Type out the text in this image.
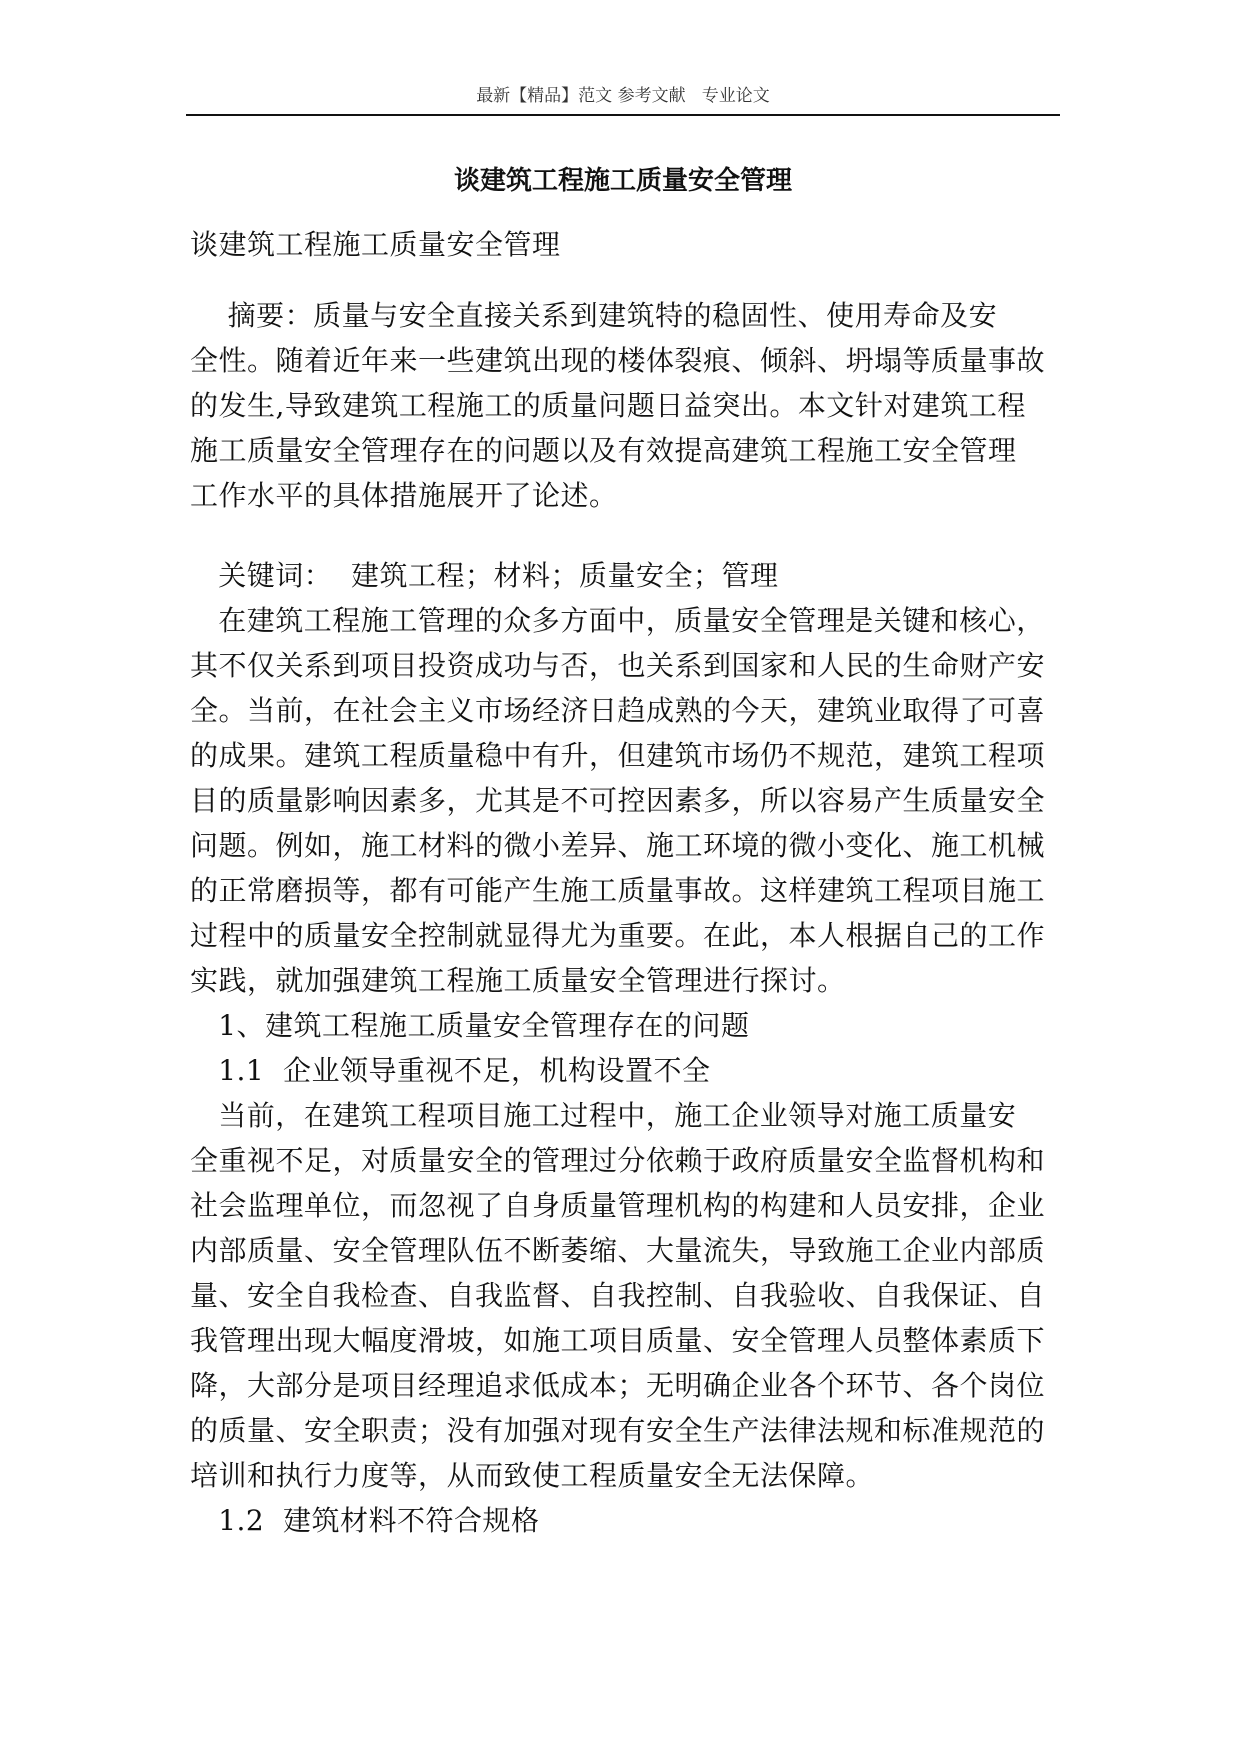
最新【精品】范文 参考文献   专业论文
谈建筑工程施工质量安全管理
谈建筑工程施工质量安全管理
摘要：质量与安全直接关系到建筑特的稳固性、使用寿命及安
全性。随着近年来一些建筑出现的楼体裂痕、倾斜、坍塌等质量事故
的发生,导致建筑工程施工的质量问题日益突出。本文针对建筑工程
施工质量安全管理存在的问题以及有效提高建筑工程施工安全管理
工作水平的具体措施展开了论述。
关键词：  建筑工程；材料；质量安全；管理
在建筑工程施工管理的众多方面中，质量安全管理是关键和核心，
其不仅关系到项目投资成功与否，也关系到国家和人民的生命财产安
全。当前，在社会主义市场经济日趋成熟的今天，建筑业取得了可喜
的成果。建筑工程质量稳中有升，但建筑市场仍不规范，建筑工程项
目的质量影响因素多，尤其是不可控因素多，所以容易产生质量安全
问题。例如，施工材料的微小差异、施工环境的微小变化、施工机械
的正常磨损等，都有可能产生施工质量事故。这样建筑工程项目施工
过程中的质量安全控制就显得尤为重要。在此，本人根据自己的工作
实践，就加强建筑工程施工质量安全管理进行探讨。
1、建筑工程施工质量安全管理存在的问题
1.1  企业领导重视不足，机构设置不全
当前，在建筑工程项目施工过程中，施工企业领导对施工质量安
全重视不足，对质量安全的管理过分依赖于政府质量安全监督机构和
社会监理单位，而忽视了自身质量管理机构的构建和人员安排，企业
内部质量、安全管理队伍不断萎缩、大量流失，导致施工企业内部质
量、安全自我检查、自我监督、自我控制、自我验收、自我保证、自
我管理出现大幅度滑坡，如施工项目质量、安全管理人员整体素质下
降，大部分是项目经理追求低成本；无明确企业各个环节、各个岗位
的质量、安全职责；没有加强对现有安全生产法律法规和标准规范的
培训和执行力度等，从而致使工程质量安全无法保障。
1.2  建筑材料不符合规格
